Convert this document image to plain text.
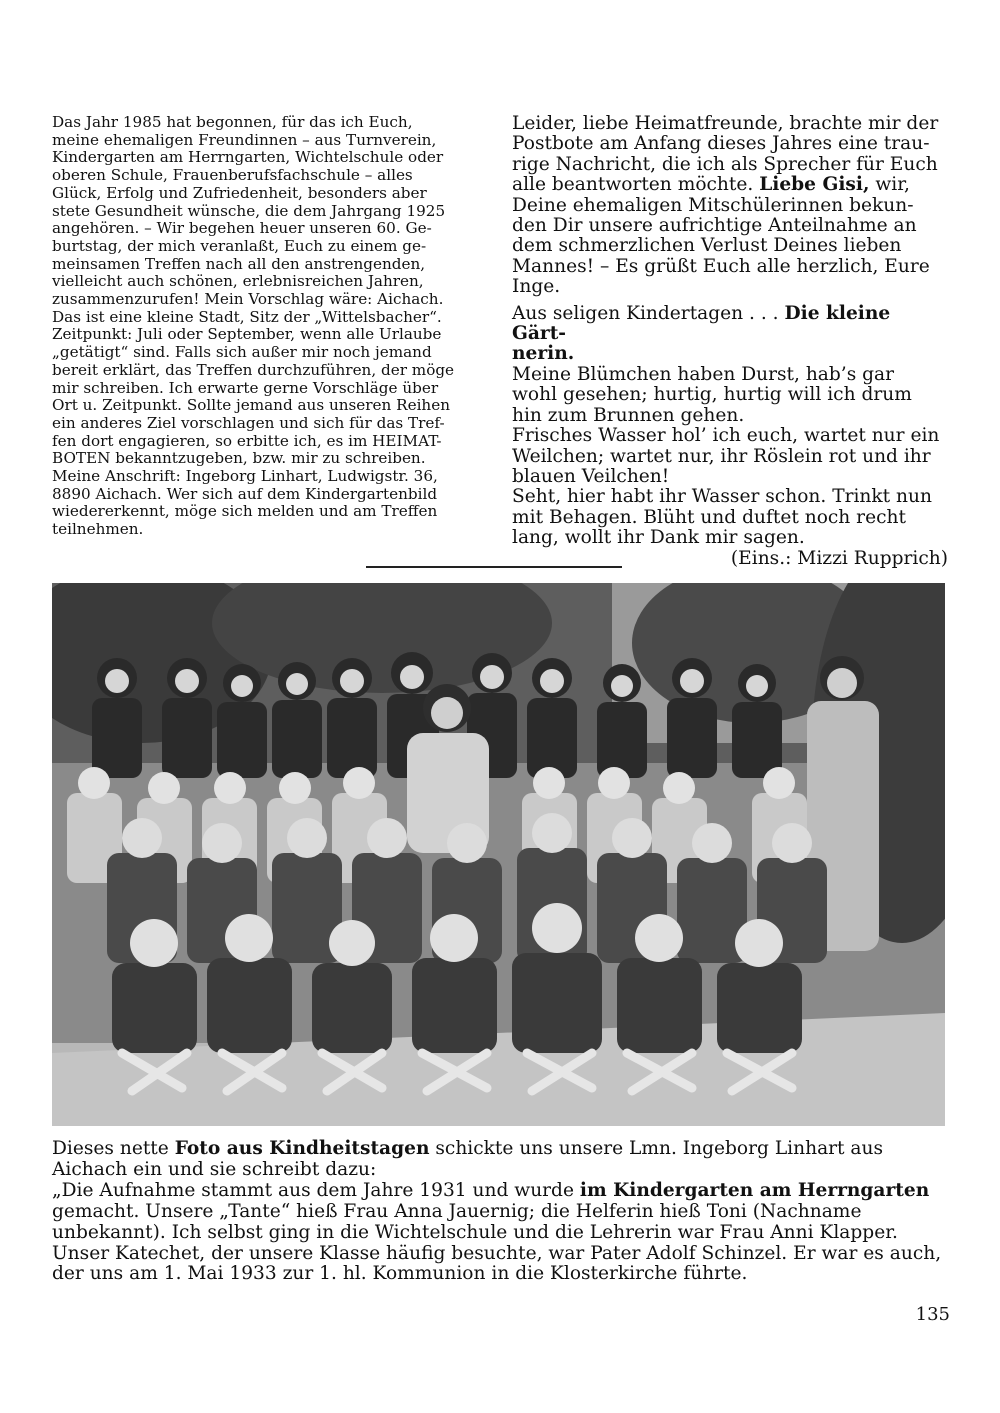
Das Jahr 1985 hat begonnen, für das ich Euch,

meine ehemaligen Freundinnen – aus Turnverein,

Kindergarten am Herrngarten, Wichtelschule oder

oberen Schule, Frauenberufsfachschule – alles

Glück, Erfolg und Zufriedenheit, besonders aber

stete Gesundheit wünsche, die dem Jahrgang 1925

angehören. – Wir begehen heuer unseren 60. Ge-

burtstag, der mich veranlaßt, Euch zu einem ge-

meinsamen Treffen nach all den anstrengenden,

vielleicht auch schönen, erlebnisreichen Jahren,

zusammenzurufen! Mein Vorschlag wäre: Aichach.

Das ist eine kleine Stadt, Sitz der „Wittelsbacher“.

Zeitpunkt: Juli oder September, wenn alle Urlaube

„getätigt“ sind. Falls sich außer mir noch jemand

bereit erklärt, das Treffen durchzuführen, der möge

mir schreiben. Ich erwarte gerne Vorschläge über

Ort u. Zeitpunkt. Sollte jemand aus unseren Reihen

ein anderes Ziel vorschlagen und sich für das Tref-

fen dort engagieren, so erbitte ich, es im HEIMAT-

BOTEN bekanntzugeben, bzw. mir zu schreiben.

Meine Anschrift: Ingeborg Linhart, Ludwigstr. 36,

8890 Aichach. Wer sich auf dem Kindergartenbild

wiedererkennt, möge sich melden und am Treffen

teilnehmen.

Leider, liebe Heimatfreunde, brachte mir der

Postbote am Anfang dieses Jahres eine trau-

rige Nachricht, die ich als Sprecher für Euch

alle beantworten möchte. Liebe Gisi, wir,

Deine ehemaligen Mitschülerinnen bekun-

den Dir unsere aufrichtige Anteilnahme an

dem schmerzlichen Verlust Deines lieben

Mannes! – Es grüßt Euch alle herzlich, Eure

Inge.

Aus seligen Kindertagen . . . Die kleine Gärt-

nerin.

Meine Blümchen haben Durst, hab’s gar

wohl gesehen; hurtig, hurtig will ich drum

hin zum Brunnen gehen.

Frisches Wasser hol’ ich euch, wartet nur ein

Weilchen; wartet nur, ihr Röslein rot und ihr

blauen Veilchen!

Seht, hier habt ihr Wasser schon. Trinkt nun

mit Behagen. Blüht und duftet noch recht

lang, wollt ihr Dank mir sagen.

(Eins.: Mizzi Rupprich)

Dieses nette Foto aus Kindheitstagen schickte uns unsere Lmn. Ingeborg Linhart aus

Aichach ein und sie schreibt dazu:

„Die Aufnahme stammt aus dem Jahre 1931 und wurde im Kindergarten am Herrngarten

gemacht. Unsere „Tante“ hieß Frau Anna Jauernig; die Helferin hieß Toni (Nachname

unbekannt). Ich selbst ging in die Wichtelschule und die Lehrerin war Frau Anni Klapper.

Unser Katechet, der unsere Klasse häufig besuchte, war Pater Adolf Schinzel. Er war es auch,

der uns am 1. Mai 1933 zur 1. hl. Kommunion in die Klosterkirche führte.

135
